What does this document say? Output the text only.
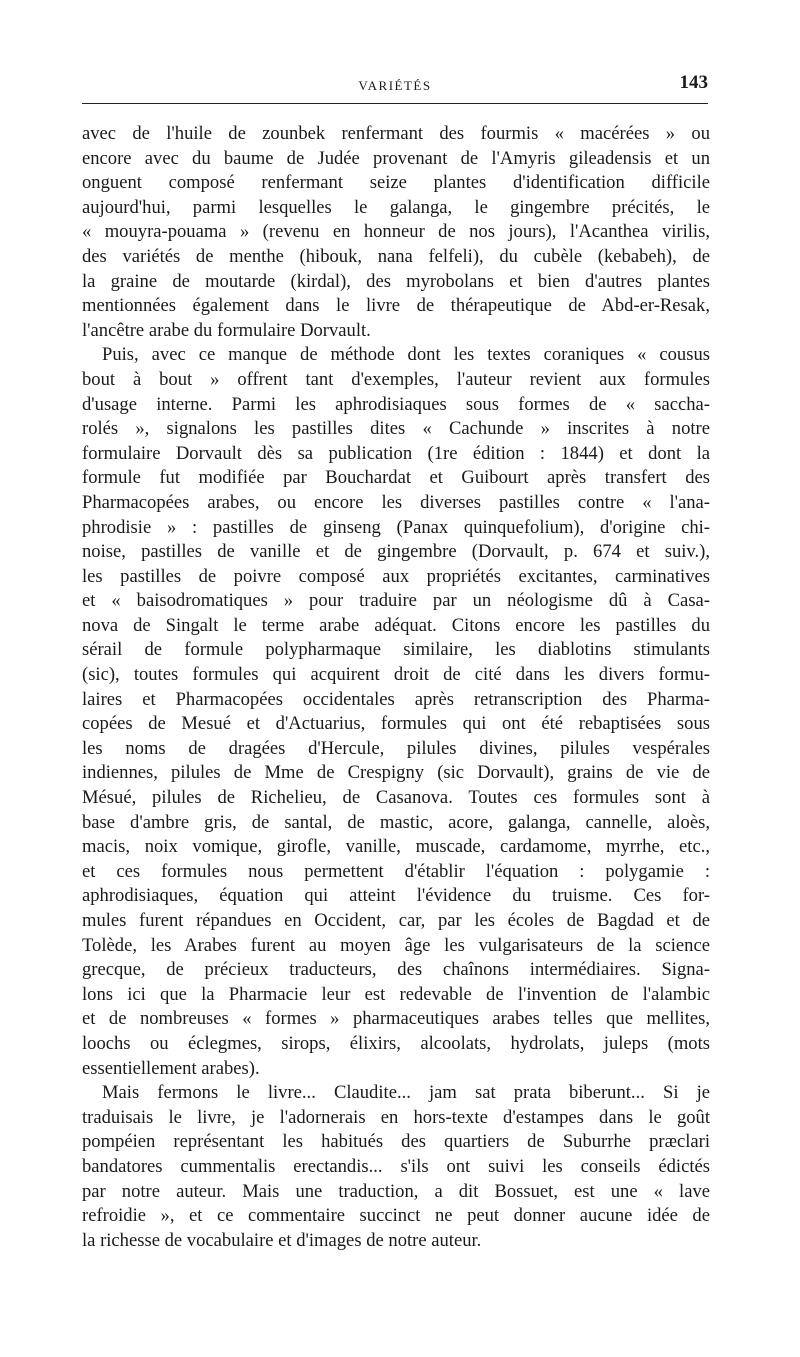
VARIÉTÉS	143

avec de l'huile de zounbek renfermant des fourmis « macérées » ou
encore avec du baume de Judée provenant de l'Amyris gileadensis et un
onguent composé renfermant seize plantes d'identification difficile
aujourd'hui, parmi lesquelles le galanga, le gingembre précités, le
« mouyra-pouama » (revenu en honneur de nos jours), l'Acanthea virilis,
des variétés de menthe (hibouk, nana felfeli), du cubèle (kebabeh), de
la graine de moutarde (kirdal), des myrobolans et bien d'autres plantes
mentionnées également dans le livre de thérapeutique de Abd-er-Resak,
l'ancêtre arabe du formulaire Dorvault.

Puis, avec ce manque de méthode dont les textes coraniques « cousus
bout à bout » offrent tant d'exemples, l'auteur revient aux formules
d'usage interne. Parmi les aphrodisiaques sous formes de « saccha-
rolés », signalons les pastilles dites « Cachunde » inscrites à notre
formulaire Dorvault dès sa publication (1re édition : 1844) et dont la
formule fut modifiée par Bouchardat et Guibourt après transfert des
Pharmacopées arabes, ou encore les diverses pastilles contre « l'ana-
phrodisie » : pastilles de ginseng (Panax quinquefolium), d'origine chi-
noise, pastilles de vanille et de gingembre (Dorvault, p. 674 et suiv.),
les pastilles de poivre composé aux propriétés excitantes, carminatives
et « baisodromatiques » pour traduire par un néologisme dû à Casa-
nova de Singalt le terme arabe adéquat. Citons encore les pastilles du
sérail de formule polypharmaque similaire, les diablotins stimulants
(sic), toutes formules qui acquirent droit de cité dans les divers formu-
laires et Pharmacopées occidentales après retranscription des Pharma-
copées de Mesué et d'Actuarius, formules qui ont été rebaptisées sous
les noms de dragées d'Hercule, pilules divines, pilules vespérales
indiennes, pilules de Mme de Crespigny (sic Dorvault), grains de vie de
Mésué, pilules de Richelieu, de Casanova. Toutes ces formules sont à
base d'ambre gris, de santal, de mastic, acore, galanga, cannelle, aloès,
macis, noix vomique, girofle, vanille, muscade, cardamome, myrrhe, etc.,
et ces formules nous permettent d'établir l'équation : polygamie :
aphrodisiaques, équation qui atteint l'évidence du truisme. Ces for-
mules furent répandues en Occident, car, par les écoles de Bagdad et de
Tolède, les Arabes furent au moyen âge les vulgarisateurs de la science
grecque, de précieux traducteurs, des chaînons intermédiaires. Signa-
lons ici que la Pharmacie leur est redevable de l'invention de l'alambic
et de nombreuses « formes » pharmaceutiques arabes telles que mellites,
loochs ou éclegmes, sirops, élixirs, alcoolats, hydrolats, juleps (mots
essentiellement arabes).

Mais fermons le livre... Claudite... jam sat prata biberunt... Si je
traduisais le livre, je l'adornerais en hors-texte d'estampes dans le goût
pompéien représentant les habitués des quartiers de Suburrhe præclari
bandatores cummentalis erectandis... s'ils ont suivi les conseils édictés
par notre auteur. Mais une traduction, a dit Bossuet, est une « lave
refroidie », et ce commentaire succinct ne peut donner aucune idée de
la richesse de vocabulaire et d'images de notre auteur.
